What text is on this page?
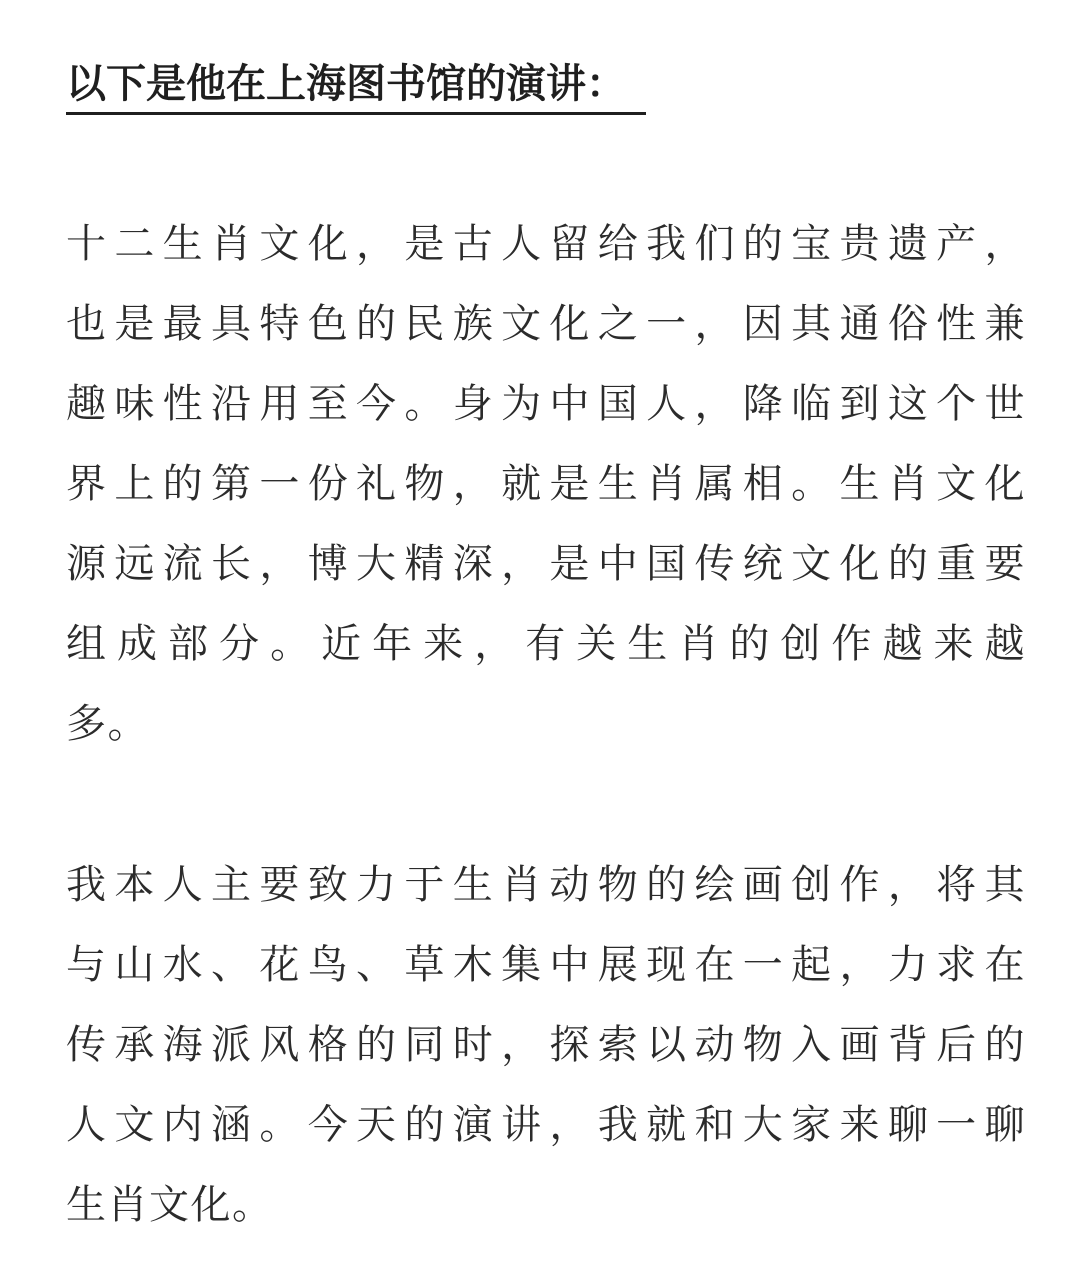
以下是他在上海图书馆的演讲：
十二生肖文化，是古人留给我们的宝贵遗产，
也是最具特色的民族文化之一，因其通俗性兼
趣味性沿用至今。身为中国人，降临到这个世
界上的第一份礼物，就是生肖属相。生肖文化
源远流长，博大精深，是中国传统文化的重要
组成部分。近年来，有关生肖的创作越来越
多。
我本人主要致力于生肖动物的绘画创作，将其
与山水、花鸟、草木集中展现在一起，力求在
传承海派风格的同时，探索以动物入画背后的
人文内涵。今天的演讲，我就和大家来聊一聊
生肖文化。
